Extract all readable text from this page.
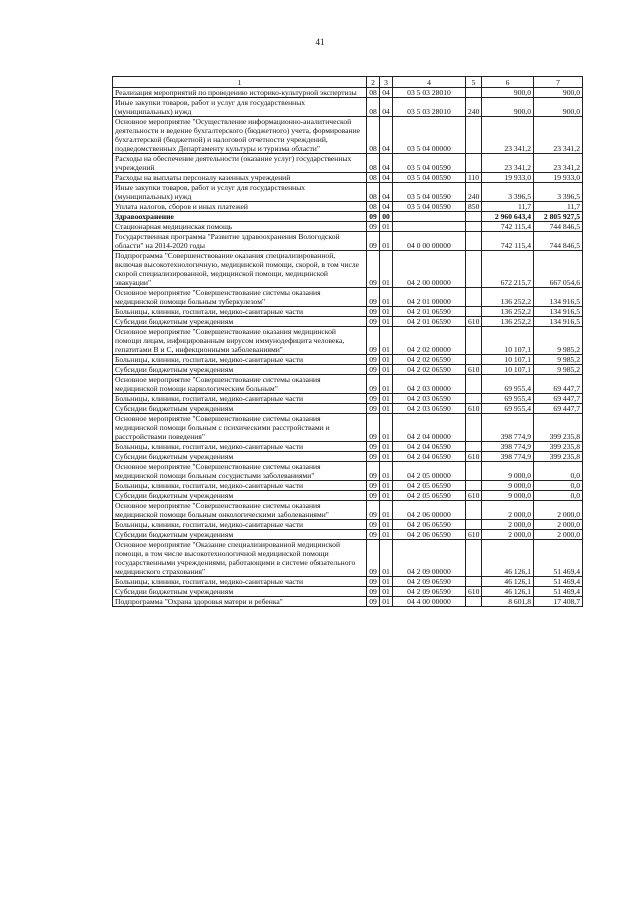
41
1	2	3	4	5	6	7
Реализация мероприятий по проведению историко-культурной экспертизы	08	04	03 5 03 28010		900,0	900,0
Иные закупки товаров, работ и услуг для государственных (муниципальных) нужд	08	04	03 5 03 28010	240	900,0	900,0
Основное мероприятие "Осуществление информационно-аналитической деятельности и ведение бухгалтерского (бюджетного) учета, формирование бухгалтерской (бюджетной) и налоговой отчетности учреждений, подведомственных Департаменту культуры и туризма области"	08	04	03 5 04 00000		23 341,2	23 341,2
Расходы на обеспечение деятельности (оказание услуг) государственных учреждений	08	04	03 5 04 00590		23 341,2	23 341,2
Расходы на выплаты персоналу казенных учреждений	08	04	03 5 04 00590	110	19 933,0	19 933,0
Иные закупки товаров, работ и услуг для государственных (муниципальных) нужд	08	04	03 5 04 00590	240	3 396,5	3 396,5
Уплата налогов, сборов и иных платежей	08	04	03 5 04 00590	850	11,7	11,7
Здравоохранение	09	00			2 960 643,4	2 805 927,5
Стационарная медицинская помощь	09	01			742 115,4	744 846,5
Государственная программа "Развитие здравоохранения Вологодской области" на 2014-2020 годы	09	01	04 0 00 00000		742 115,4	744 846,5
Подпрограмма "Совершенствование оказания специализированной, включая высокотехнологичную, медицинской помощи, скорой, в том числе скорой специализированной, медицинской помощи, медицинской эвакуации"	09	01	04 2 00 00000		672 215,7	667 054,6
Основное мероприятие "Совершенствование системы оказания медицинской помощи больным туберкулезом"	09	01	04 2 01 00000		136 252,2	134 916,5
Больницы, клиники, госпитали, медико-санитарные части	09	01	04 2 01 06590		136 252,2	134 916,5
Субсидии бюджетным учреждениям	09	01	04 2 01 06590	610	136 252,2	134 916,5
Основное мероприятие "Совершенствование оказания медицинской помощи лицам, инфицированным вирусом иммунодефицита человека, гепатитами В и С, инфекционными заболеваниями"	09	01	04 2 02 00000		10 107,1	9 985,2
Больницы, клиники, госпитали, медико-санитарные части	09	01	04 2 02 06590		10 107,1	9 985,2
Субсидии бюджетным учреждениям	09	01	04 2 02 06590	610	10 107,1	9 985,2
Основное мероприятие "Совершенствование системы оказания медицинской помощи наркологическим больным"	09	01	04 2 03 00000		69 955,4	69 447,7
Больницы, клиники, госпитали, медико-санитарные части	09	01	04 2 03 06590		69 955,4	69 447,7
Субсидии бюджетным учреждениям	09	01	04 2 03 06590	610	69 955,4	69 447,7
Основное мероприятие "Совершенствование системы оказания медицинской помощи больным с психическими расстройствами и расстройствами поведения"	09	01	04 2 04 00000		398 774,9	399 235,8
Больницы, клиники, госпитали, медико-санитарные части	09	01	04 2 04 06590		398 774,9	399 235,8
Субсидии бюджетным учреждениям	09	01	04 2 04 06590	610	398 774,9	399 235,8
Основное мероприятие "Совершенствование системы оказания медицинской помощи больным сосудистыми заболеваниями"	09	01	04 2 05 00000		9 000,0	0,0
Больницы, клиники, госпитали, медико-санитарные части	09	01	04 2 05 06590		9 000,0	0,0
Субсидии бюджетным учреждениям	09	01	04 2 05 06590	610	9 000,0	0,0
Основное мероприятие "Совершенствование системы оказания медицинской помощи больным онкологическими заболеваниями"	09	01	04 2 06 00000		2 000,0	2 000,0
Больницы, клиники, госпитали, медико-санитарные части	09	01	04 2 06 06590		2 000,0	2 000,0
Субсидии бюджетным учреждениям	09	01	04 2 06 06590	610	2 000,0	2 000,0
Основное мероприятие "Оказание специализированной медицинской помощи, в том числе высокотехнологичной медицинской помощи государственными учреждениями, работающими в системе обязательного медицинского страхования"	09	01	04 2 09 00000		46 126,1	51 469,4
Больницы, клиники, госпитали, медико-санитарные части	09	01	04 2 09 06590		46 126,1	51 469,4
Субсидии бюджетным учреждениям	09	01	04 2 09 06590	610	46 126,1	51 469,4
Подпрограмма "Охрана здоровья матери и ребенка"	09	01	04 4 00 00000		8 601,8	17 408,7
